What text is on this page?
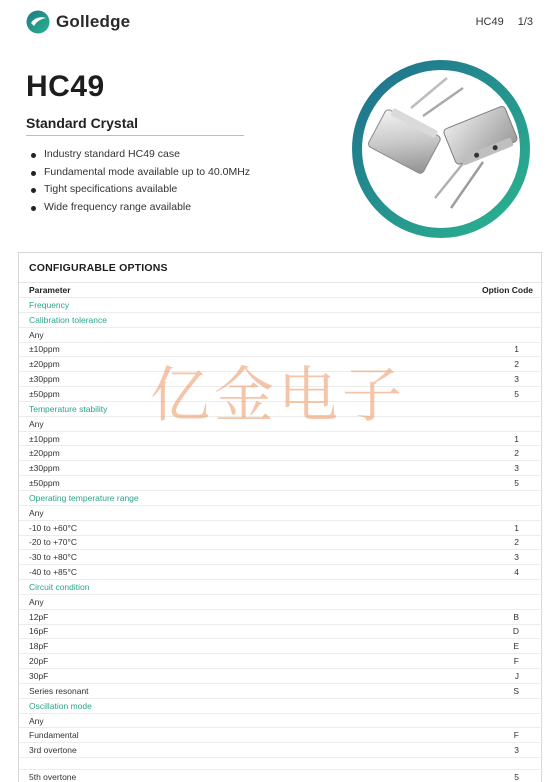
Golledge	HC49 1/3
HC49
Standard Crystal
Industry standard HC49 case
Fundamental mode available up to 40.0MHz
Tight specifications available
Wide frequency range available
CONFIGURABLE OPTIONS
Parameter	Option Code
Frequency
Calibration tolerance
Any
±10ppm	1
±20ppm	2
±30ppm	3
±50ppm	5
Temperature stability
Any
±10ppm	1
±20ppm	2
±30ppm	3
±50ppm	5
Operating temperature range
Any
-10 to +60°C	1
-20 to +70°C	2
-30 to +80°C	3
-40 to +85°C	4
Circuit condition
Any
12pF	B
16pF	D
18pF	E
20pF	F
30pF	J
Series resonant	S
Oscillation mode
Any
Fundamental	F
3rd overtone	3
5th overtone	5
亿金电子
